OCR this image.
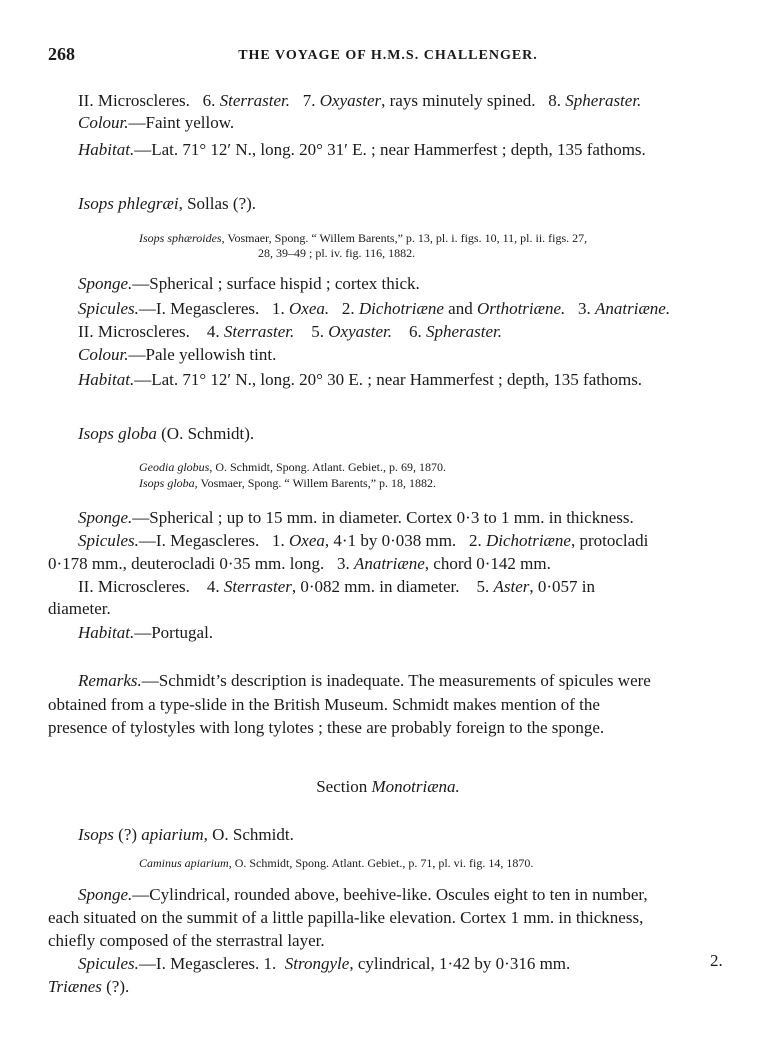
268	THE VOYAGE OF H.M.S. CHALLENGER.
II. Microscleres. 6. Sterraster. 7. Oxyaster, rays minutely spined. 8. Spheraster.
Colour.—Faint yellow.
Habitat.—Lat. 71° 12′ N., long. 20° 31′ E. ; near Hammerfest ; depth, 135 fathoms.
Isops phlegræi, Sollas (?).
Isops sphæroides, Vosmaer, Spong. “ Willem Barents,” p. 13, pl. i. figs. 10, 11, pl. ii. figs. 27,
28, 39–49 ; pl. iv. fig. 116, 1882.
Sponge.—Spherical ; surface hispid ; cortex thick.
Spicules.—I. Megascleres. 1. Oxea. 2. Dichotriæne and Orthotriæne. 3. Anatriæne.
II. Microscleres. 4. Sterraster. 5. Oxyaster. 6. Spheraster.
Colour.—Pale yellowish tint.
Habitat.—Lat. 71° 12′ N., long. 20° 30 E. ; near Hammerfest ; depth, 135 fathoms.
Isops globa (O. Schmidt).
Geodia globus, O. Schmidt, Spong. Atlant. Gebiet., p. 69, 1870.
Isops globa, Vosmaer, Spong. “ Willem Barents,” p. 18, 1882.
Sponge.—Spherical ; up to 15 mm. in diameter. Cortex 0·3 to 1 mm. in thickness.
Spicules.—I. Megascleres. 1. Oxea, 4·1 by 0·038 mm. 2. Dichotriæne, protocladi
0·178 mm., deuterocladi 0·35 mm. long. 3. Anatriæne, chord 0·142 mm.
II. Microscleres. 4. Sterraster, 0·082 mm. in diameter. 5. Aster, 0·057 in
diameter.
Habitat.—Portugal.
Remarks.—Schmidt’s description is inadequate. The measurements of spicules were
obtained from a type-slide in the British Museum. Schmidt makes mention of the
presence of tylostyles with long tylotes ; these are probably foreign to the sponge.
Section Monotriæna.
Isops (?) apiarium, O. Schmidt.
Caminus apiarium, O. Schmidt, Spong. Atlant. Gebiet., p. 71, pl. vi. fig. 14, 1870.
Sponge.—Cylindrical, rounded above, beehive-like. Oscules eight to ten in number,
each situated on the summit of a little papilla-like elevation. Cortex 1 mm. in thickness,
chiefly composed of the sterrastral layer.
Spicules.—I. Megascleres. 1. Strongyle, cylindrical, 1·42 by 0·316 mm.	2.
Triænes (?).
